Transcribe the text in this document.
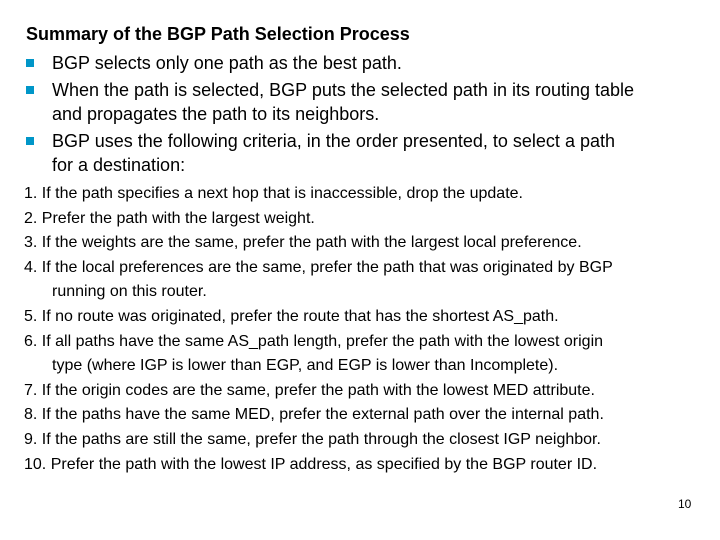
Summary of the BGP Path Selection Process
BGP selects only one path as the best path.
When the path is selected, BGP puts the selected path in its routing table
and propagates the path to its neighbors.
BGP uses the following criteria, in the order presented, to select a path
for a destination:
1. If the path specifies a next hop that is inaccessible, drop the update.
2. Prefer the path with the largest weight.
3. If the weights are the same, prefer the path with the largest local preference.
4. If the local preferences are the same, prefer the path that was originated by BGP
running on this router.
5. If no route was originated, prefer the route that has the shortest AS_path.
6. If all paths have the same AS_path length, prefer the path with the lowest origin
type (where IGP is lower than EGP, and EGP is lower than Incomplete).
7. If the origin codes are the same, prefer the path with the lowest MED attribute.
8. If the paths have the same MED, prefer the external path over the internal path.
9. If the paths are still the same, prefer the path through the closest IGP neighbor.
10. Prefer the path with the lowest IP address, as specified by the BGP router ID.
10
